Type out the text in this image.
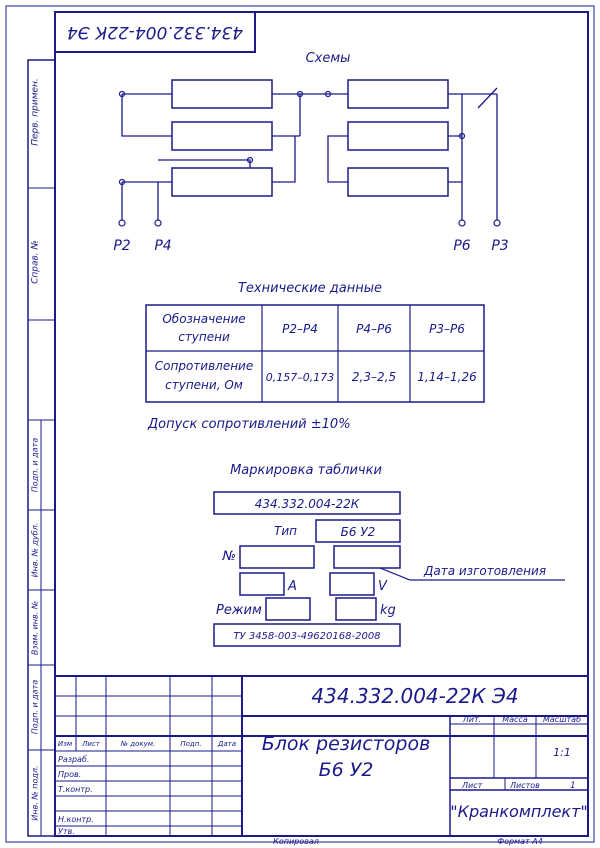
434.332.004-22К Э4
Перв. примен.
Справ. №
Подп. и дата
Инв. № дубл.
Взам. инв. №
Подп. и дата
Инв. № подл.
Схемы
Р2 Р4	Р6 Р3
Технические данные
Обозначение
ступени
Сопротивление
ступени, Ом
Р2–Р4	Р4–Р6	Р3–Р6
0,157–0,173 2,3–2,5 1,14–1,26
Допуск сопротивлений ±10%
Маркировка таблички
434.332.004-22К
Тип	Б6 У2
№
Дата изготовления
А	V
Режим	kg
ТУ 3458-003-49620168-2008
434.332.004-22К Э4
Блок резисторов
Б6 У2
Изм Лист	№ докум.	Подп. Дата
Разраб.
Пров.
Т.контр.
Н.контр.
Утв.
Лит.	Масса Масштаб
1:1
Лист	Листов	1
"Кранкомплект"
Копировал	Формат А4
